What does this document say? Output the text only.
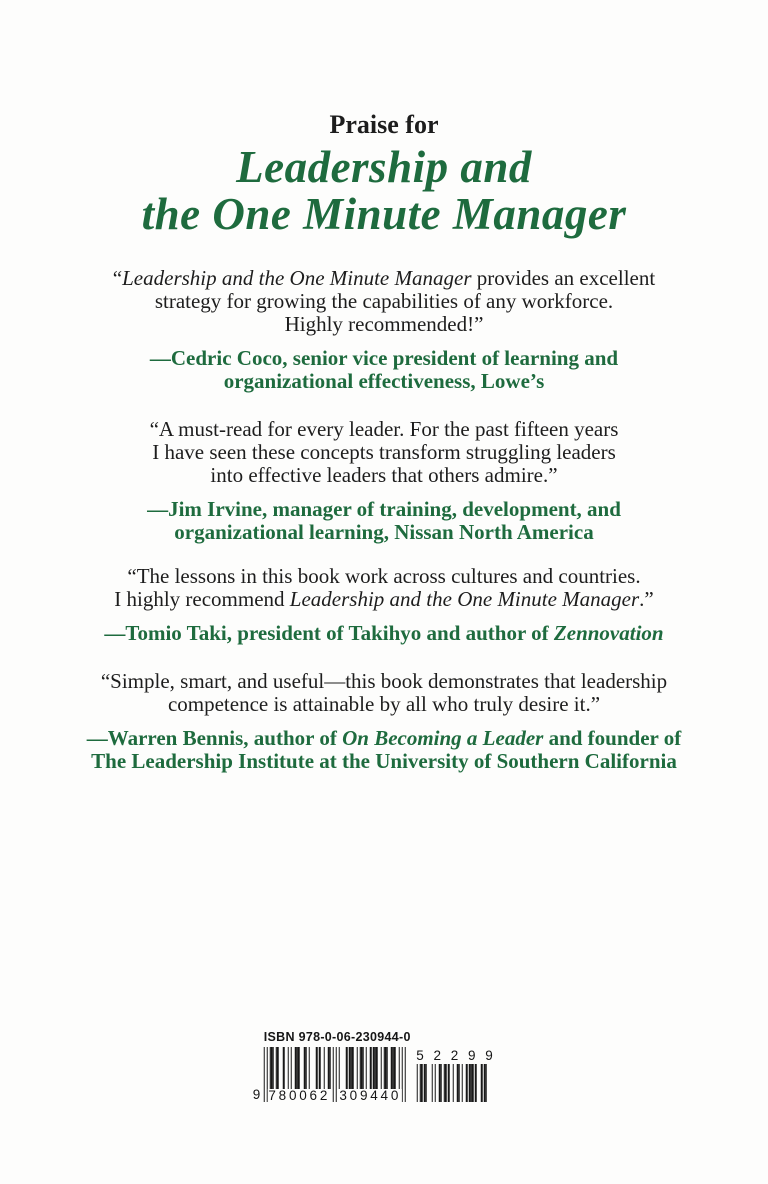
Praise for
Leadership and
the One Minute Manager
“Leadership and the One Minute Manager provides an excellent
strategy for growing the capabilities of any workforce.
Highly recommended!”
—Cedric Coco, senior vice president of learning and
organizational effectiveness, Lowe’s
“A must-read for every leader. For the past fifteen years
I have seen these concepts transform struggling leaders
into effective leaders that others admire.”
—Jim Irvine, manager of training, development, and
organizational learning, Nissan North America
“The lessons in this book work across cultures and countries.
I highly recommend Leadership and the One Minute Manager.”
—Tomio Taki, president of Takihyo and author of Zennovation
“Simple, smart, and useful—this book demonstrates that leadership
competence is attainable by all who truly desire it.”
—Warren Bennis, author of On Becoming a Leader and founder of
The Leadership Institute at the University of Southern California
ISBN 978-0-06-230944-0
9 780062 309440
5 2 2 9 9
